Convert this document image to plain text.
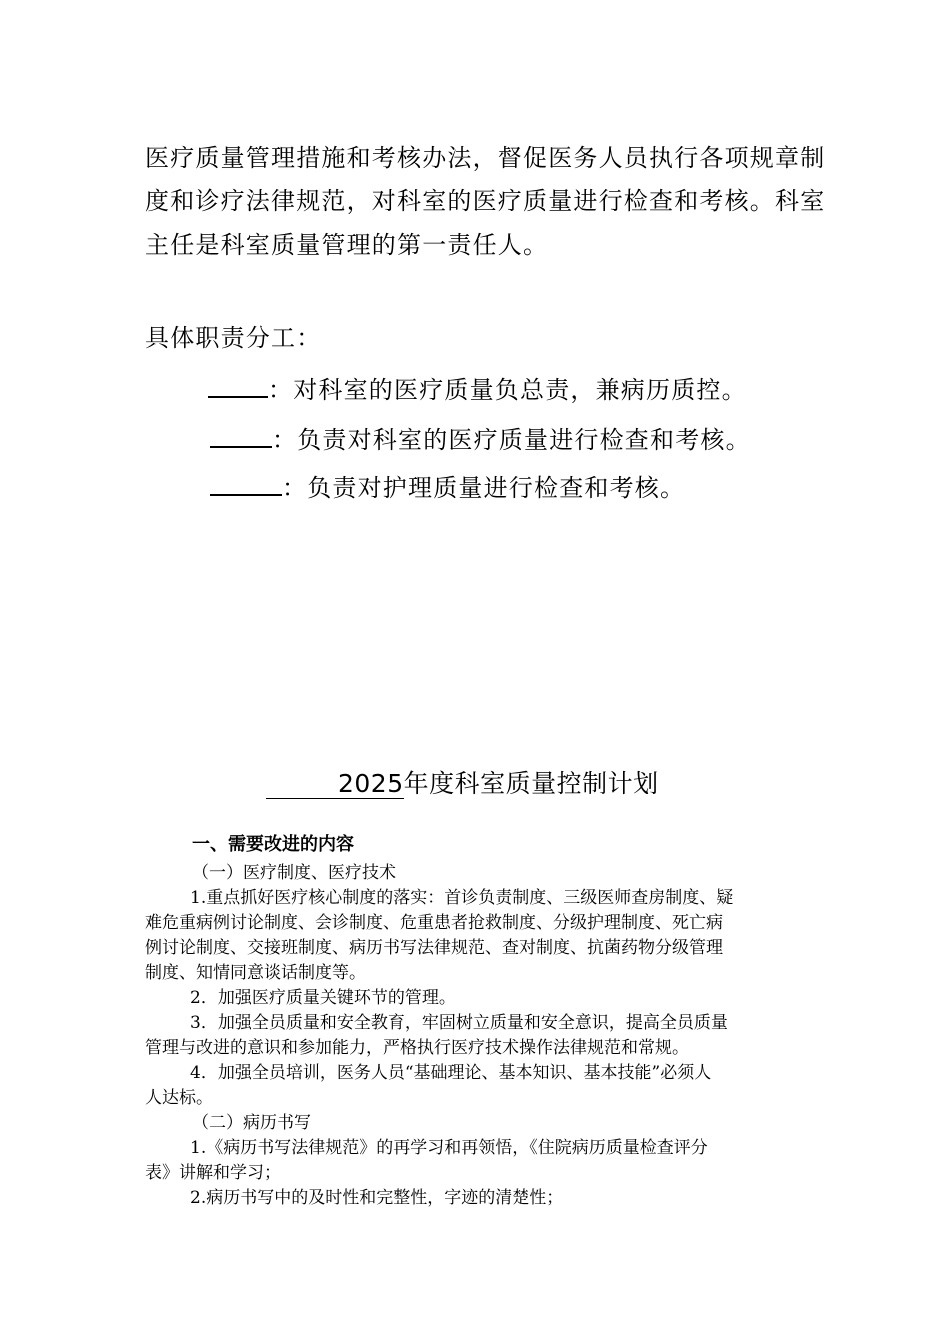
医疗质量管理措施和考核办法，督促医务人员执行各项规章制
度和诊疗法律规范，对科室的医疗质量进行检查和考核。科室
主任是科室质量管理的第一责任人。
具体职责分工：
：对科室的医疗质量负总责，兼病历质控。
：负责对科室的医疗质量进行检查和考核。
：负责对护理质量进行检查和考核。
2025年度科室质量控制计划
一、需要改进的内容
（一）医疗制度、医疗技术
1.重点抓好医疗核心制度的落实：首诊负责制度、三级医师查房制度、疑
难危重病例讨论制度、会诊制度、危重患者抢救制度、分级护理制度、死亡病
例讨论制度、交接班制度、病历书写法律规范、查对制度、抗菌药物分级管理
制度、知情同意谈话制度等。
2．加强医疗质量关键环节的管理。
3．加强全员质量和安全教育，牢固树立质量和安全意识，提高全员质量
管理与改进的意识和参加能力，严格执行医疗技术操作法律规范和常规。
4．加强全员培训，医务人员“基础理论、基本知识、基本技能”必须人
人达标。
（二）病历书写
1.《病历书写法律规范》的再学习和再领悟，《住院病历质量检查评分
表》讲解和学习；
2.病历书写中的及时性和完整性，字迹的清楚性；
